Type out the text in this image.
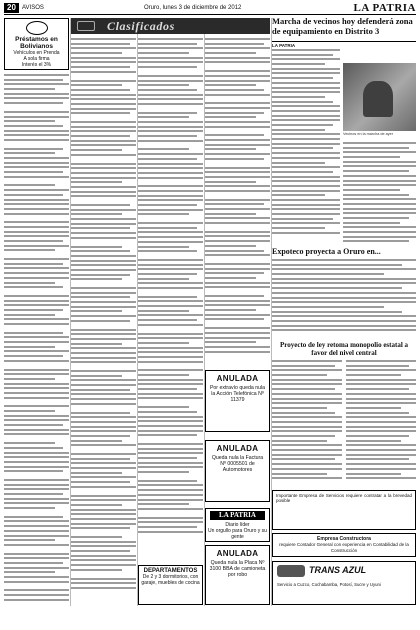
20	AVISOS	Oruro, lunes 3 de diciembre de 2012	LA PATRIA
Préstamos en Bolivianos
Vehículos en Prenda
A sola firma
Interés el 3%
Clasificados
ANULADA
Por extravío queda nula la Acción Telefónica Nº 11379
ANULADA
Queda nula la Factura Nº 0005501 de Automotores
LA PATRIA
Diario líder
Un orgullo para Oruro y su gente
ANULADA
Queda nula la Placa Nº 3100 BBA de camioneta por robo
DEPARTAMENTOS
De 2 y 3 dormitorios, con garaje, muebles de cocina
Marcha de vecinos hoy defenderá zona de equipamiento en Distrito 3
LA PATRIA
Vecinos en la marcha de ayer
Expoteco proyecta a Oruro en...
Proyecto de ley retoma monopolio estatal a favor del nivel central
Importante Empresa de Servicios requiere contratar a la brevedad posible
Empresa Constructora
requiere Contador General con experiencia en Contabilidad de la Construcción
TRANS AZUL
Servicio a Cuzco, Cochabamba, Potosí, Sucre y Uyuni
